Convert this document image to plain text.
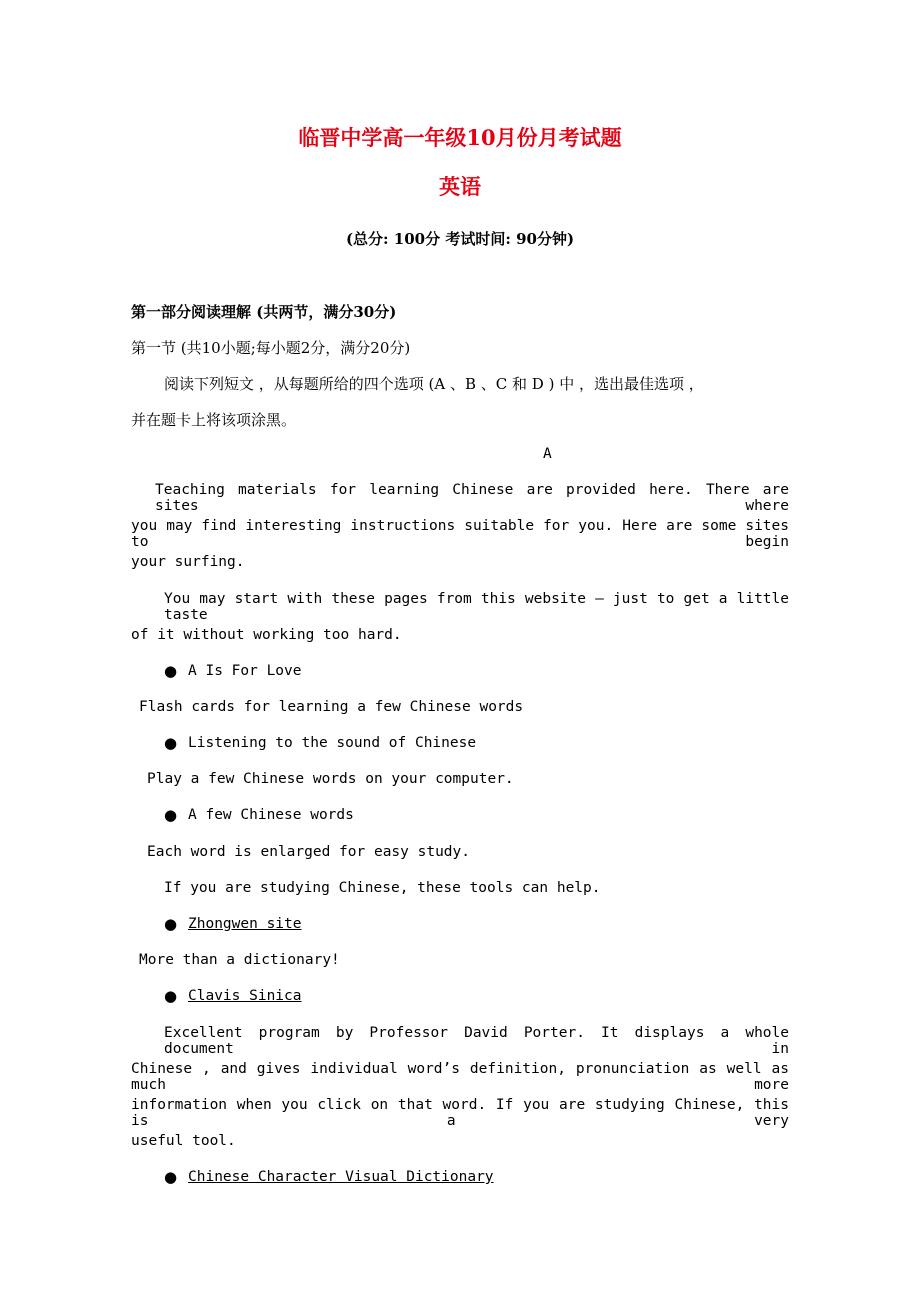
临晋中学高一年级10月份月考试题
英语
(总分: 100分 考试时间: 90分钟)
第一部分阅读理解 (共两节，满分30分)
第一节 (共10小题;每小题2分，满分20分)
阅读下列短文 ，从每题所给的四个选项 (A 、B 、C 和 D ) 中 ，选出最佳选项 ，
并在题卡上将该项涂黑。
A
Teaching materials for learning Chinese are provided here. There are sites where
you may find interesting instructions suitable for you. Here are some sites to begin
your surfing.
You may start with these pages from this website — just to get a little taste
of it without working too hard.
● A Is For Love
Flash cards for learning a few Chinese words
● Listening to the sound of Chinese
Play a few Chinese words on your computer.
● A few Chinese words
Each word is enlarged for easy study.
If you are studying Chinese, these tools can help.
● Zhongwen site
More than a dictionary!
● Clavis Sinica
Excellent program by Professor David Porter. It displays a whole document in
Chinese , and gives individual word’s definition, pronunciation as well as much more
information when you click on that word. If you are studying Chinese, this is a very
useful tool.
● Chinese Character Visual Dictionary
